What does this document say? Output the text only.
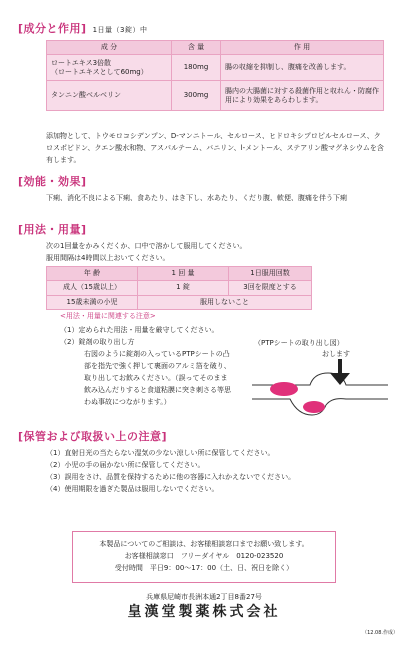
[成分と作用] 1日量（3錠）中
成 分	含 量	作 用
ロートエキス3倍散
（ロートエキスとして60mg）	180mg	腸の収縮を抑制し、腹痛を改善します。
タンニン酸ベルベリン	300mg	腸内の大腸菌に対する殺菌作用と収れん・防腐作用により効果をあらわします。
添加物として、トウモロコシデンプン、D-マンニトール、セルロース、ヒドロキシプロピルセルロース、クロスポビドン、クエン酸水和物、アスパルテーム、バニリン、l-メントール、ステアリン酸マグネシウムを含有します。
[効能・効果]
下痢、消化不良による下痢、食あたり、はき下し、水あたり、くだり腹、軟便、腹痛を伴う下痢
[用法・用量]
次の1回量をかみくだくか、口中で溶かして服用してください。
服用間隔は4時間以上おいてください。
年 齢	1 回 量	1日服用回数
成人（15歳以上）	1 錠	3回を限度とする
15歳未満の小児	服用しないこと	
<用法・用量に関連する注意>
（1）定められた用法・用量を厳守してください。
（2）錠剤の取り出し方
右図のように錠剤の入っているPTPシートの凸部を指先で強く押して裏面のアルミ箔を破り、取り出してお飲みください。（誤ってそのまま飲み込んだりすると食道粘膜に突き刺さる等思わぬ事故につながります。）
（PTPシートの取り出し図）
おします
[保管および取扱い上の注意]
（1）直射日光の当たらない湿気の少ない涼しい所に保管してください。
（2）小児の手の届かない所に保管してください。
（3）誤用をさけ、品質を保持するために他の容器に入れかえないでください。
（4）使用期限を過ぎた製品は服用しないでください。
本製品についてのご相談は、お客様相談窓口までお願い致します。
お客様相談窓口　フリーダイヤル　0120-023520
受付時間　平日9：00～17：00（土、日、祝日を除く）
兵庫県尼崎市長洲本通2丁目8番27号
皇漢堂製薬株式会社
（12.08.作成）
